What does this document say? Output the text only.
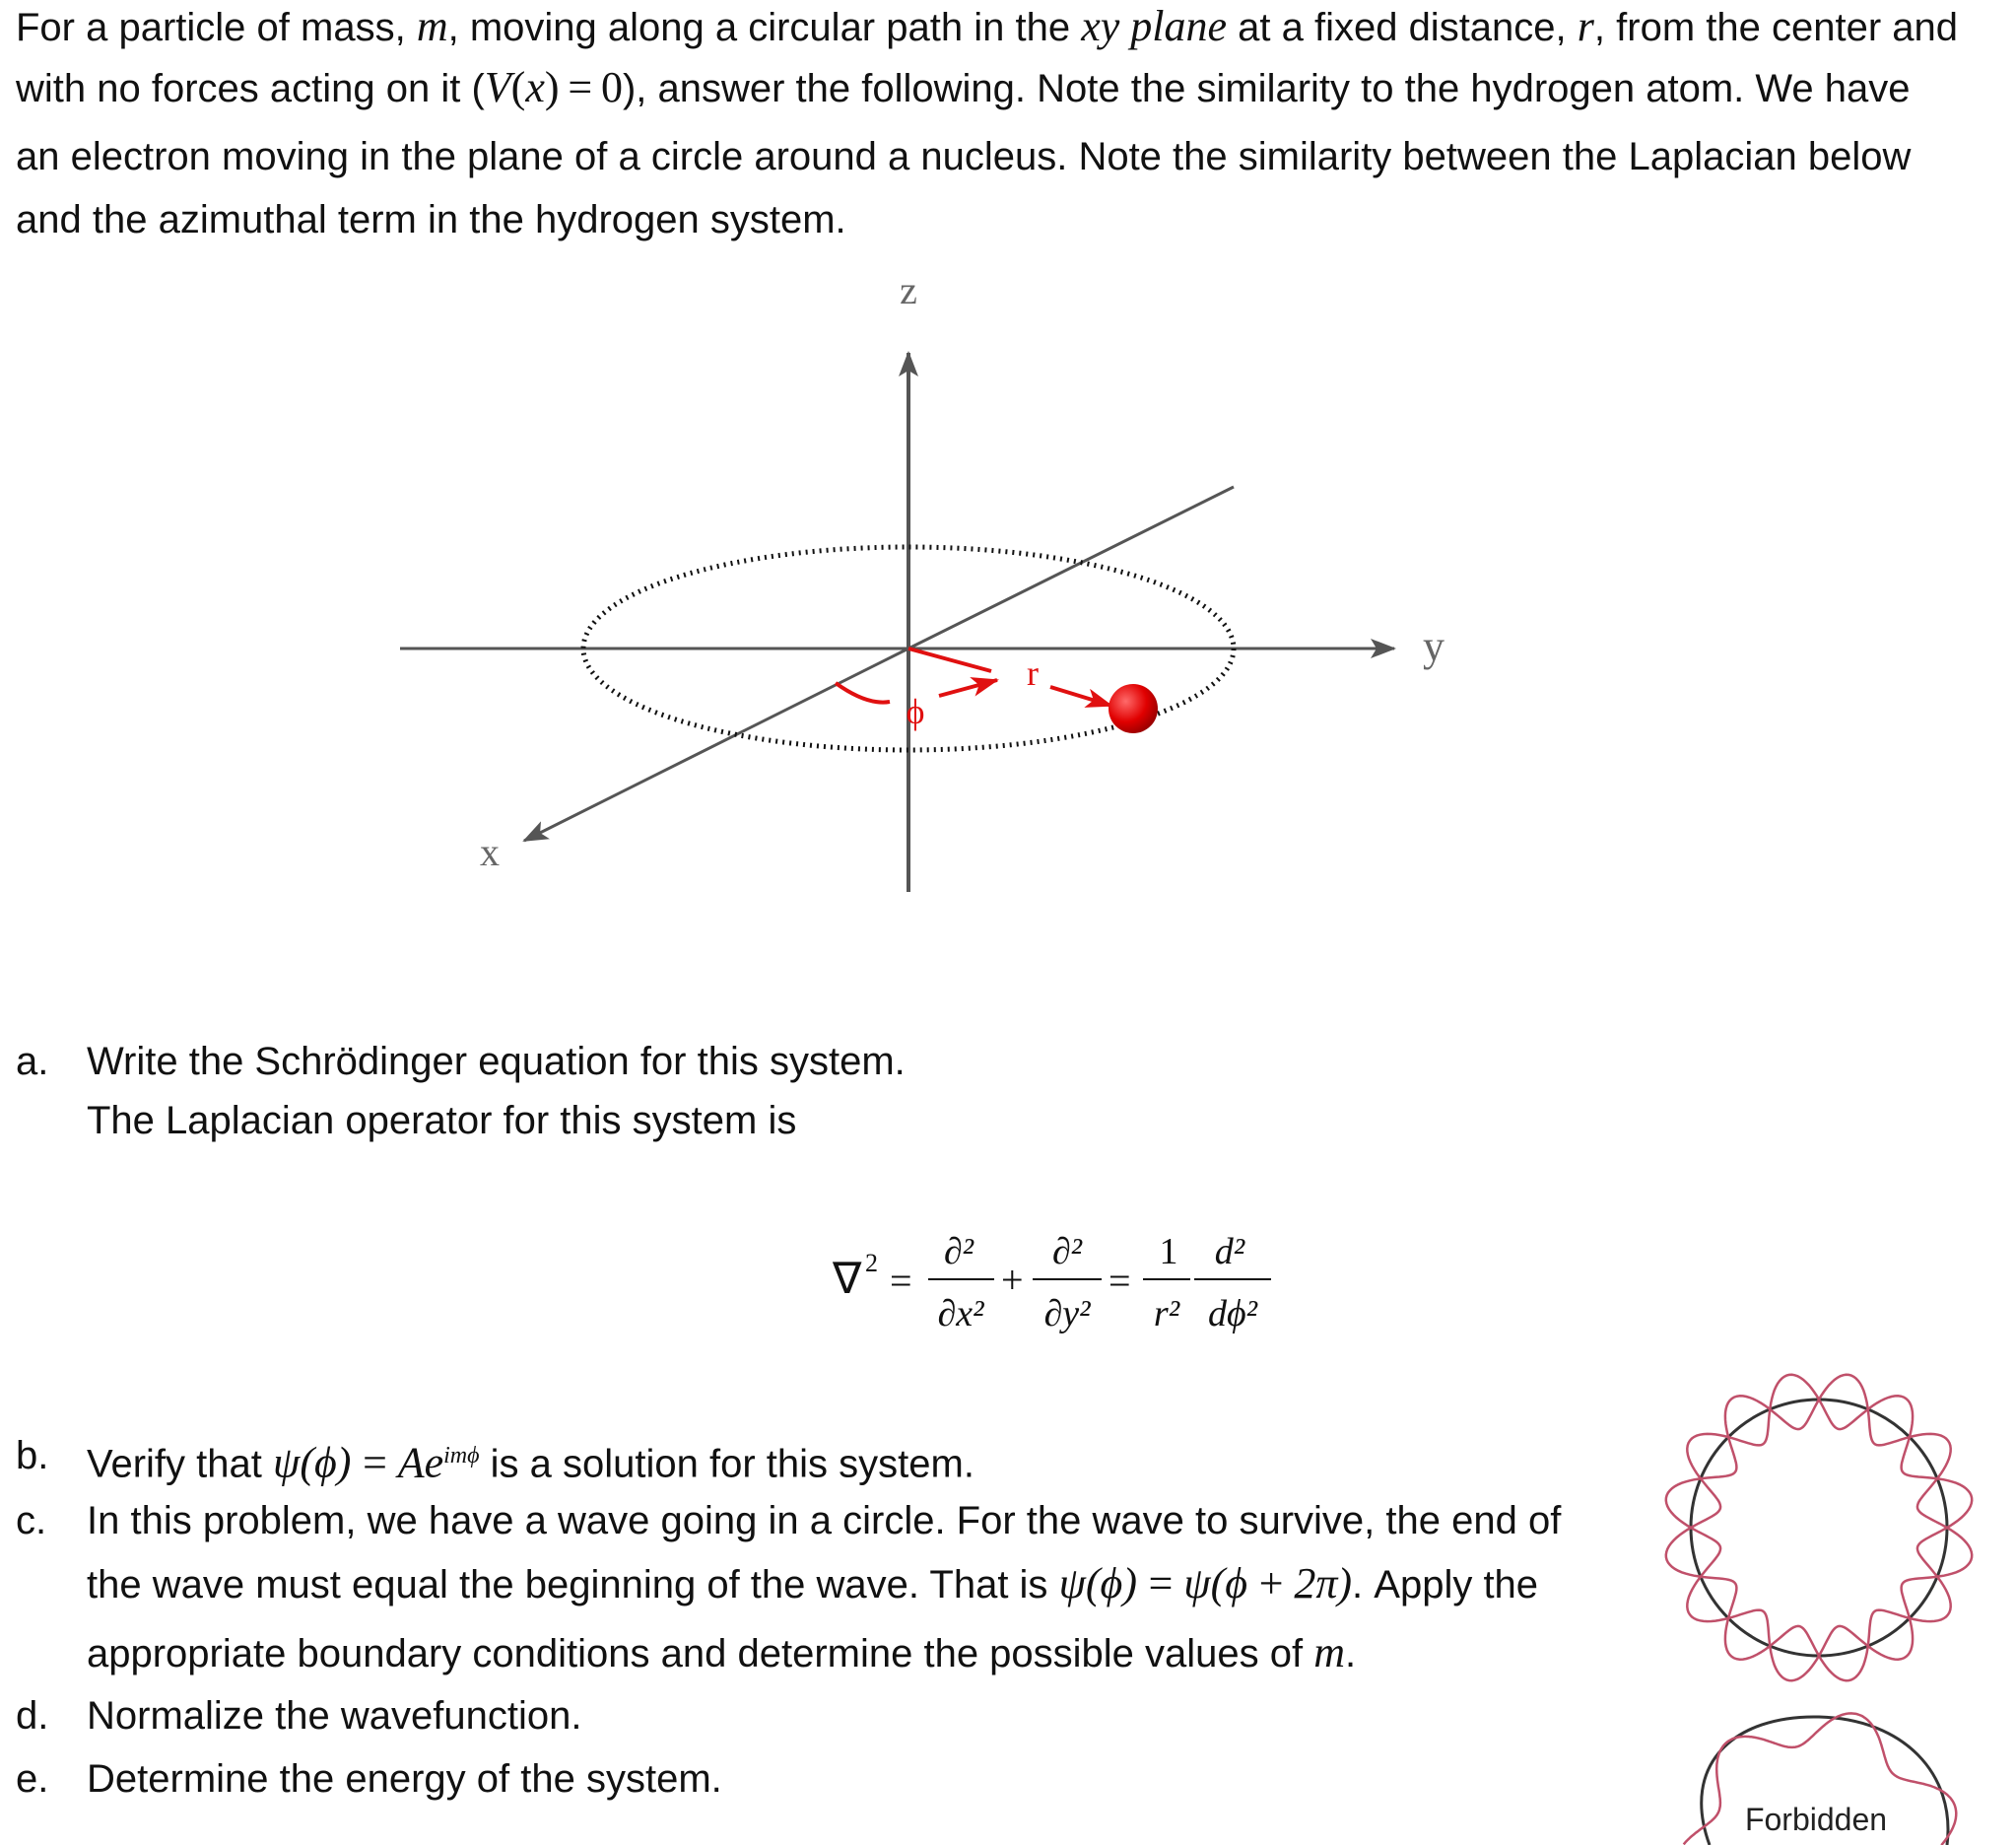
For a particle of mass, m, moving along a circular path in the xy plane at a fixed distance, r, from the center and
with no forces acting on it (V(x) = 0), answer the following. Note the similarity to the hydrogen atom. We have
an electron moving in the plane of a circle around a nucleus. Note the similarity between the Laplacian below
and the azimuthal term in the hydrogen system.
z
y
x
r
ϕ
a. Write the Schrödinger equation for this system.
The Laplacian operator for this system is
∇ 2 =
∂²
∂x²
+
∂²
∂y²
=
1
r²
d²
dϕ²
b. Verify that $\psi(\phi) = Ae^{im\phi}$ is a solution for this system.
c. In this problem, we have a wave going in a circle. For the wave to survive, the end of
the wave must equal the beginning of the wave. That is ψ(ϕ) = ψ(ϕ + 2π). Apply the
appropriate boundary conditions and determine the possible values of m.
d. Normalize the wavefunction.
e. Determine the energy of the system.
Forbidden
